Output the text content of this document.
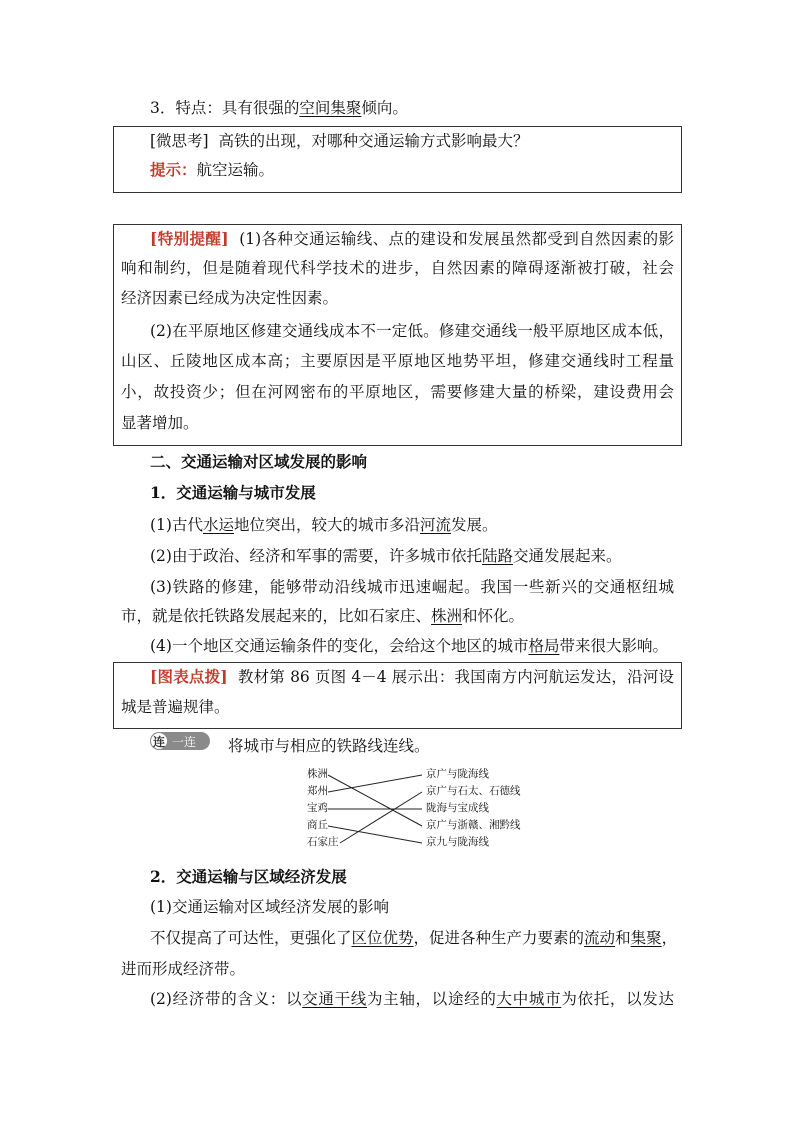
3．特点：具有很强的空间集聚倾向。
[微思考] 高铁的出现，对哪种交通运输方式影响最大？
提示：航空运输。
[特别提醒] (1)各种交通运输线、点的建设和发展虽然都受到自然因素的影
响和制约，但是随着现代科学技术的进步，自然因素的障碍逐渐被打破，社会
经济因素已经成为决定性因素。
(2)在平原地区修建交通线成本不一定低。修建交通线一般平原地区成本低，
山区、丘陵地区成本高；主要原因是平原地区地势平坦，修建交通线时工程量
小，故投资少；但在河网密布的平原地区，需要修建大量的桥梁，建设费用会
显著增加。
二、交通运输对区域发展的影响
1．交通运输与城市发展
(1)古代水运地位突出，较大的城市多沿河流发展。
(2)由于政治、经济和军事的需要，许多城市依托陆路交通发展起来。
(3)铁路的修建，能够带动沿线城市迅速崛起。我国一些新兴的交通枢纽城
市，就是依托铁路发展起来的，比如石家庄、株洲和怀化。
(4)一个地区交通运输条件的变化，会给这个地区的城市格局带来很大影响。
[图表点拨] 教材第 86 页图 4－4 展示出：我国南方内河航运发达，沿河设
城是普遍规律。
连 一连	将城市与相应的铁路线连线。
株洲
郑州
宝鸡
商丘
石家庄
京广与陇海线
京广与石太、石德线
陇海与宝成线
京广与浙赣、湘黔线
京九与陇海线
2．交通运输与区域经济发展
(1)交通运输对区域经济发展的影响
不仅提高了可达性，更强化了区位优势，促进各种生产力要素的流动和集聚，
进而形成经济带。
(2)经济带的含义：以交通干线为主轴，以途经的大中城市为依托，以发达
